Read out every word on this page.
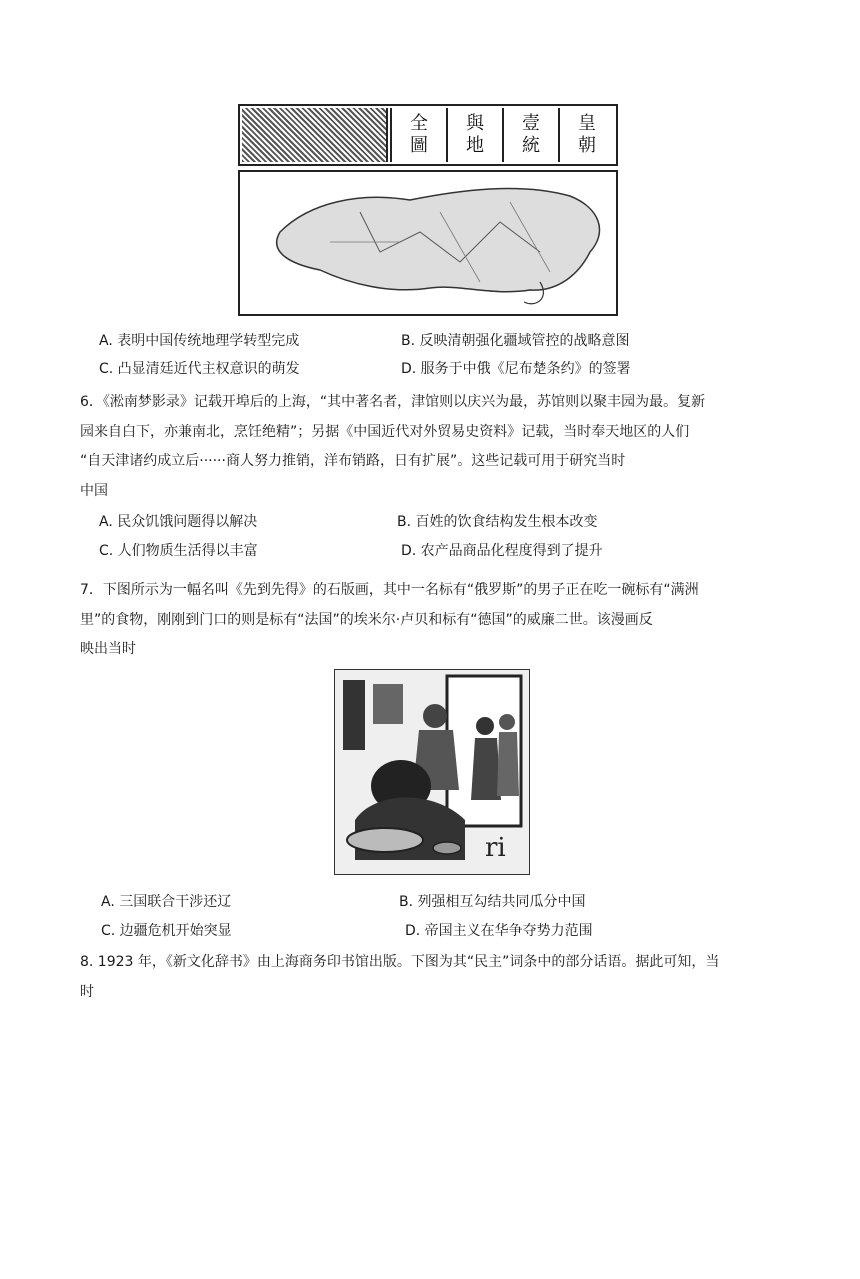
全
圖
與
地
壹
統
皇
朝
A. 表明中国传统地理学转型完成	B. 反映清朝强化疆域管控的战略意图
C. 凸显清廷近代主权意识的萌发	D. 服务于中俄《尼布楚条约》的签署
6．《淞南梦影录》记载开埠后的上海，“其中著名者，津馆则以庆兴为最，苏馆则以聚丰园为最。复新
园来自白下，亦兼南北，烹饪绝精”；另据《中国近代对外贸易史资料》记载，当时奉天地区的人们
“自天津诸约成立后······商人努力推销，洋布销路，日有扩展”。这些记载可用于研究当时
中国
A. 民众饥饿问题得以解决	B. 百姓的饮食结构发生根本改变
C. 人们物质生活得以丰富	D. 农产品商品化程度得到了提升
7．下图所示为一幅名叫《先到先得》的石版画，其中一名标有“俄罗斯”的男子正在吃一碗标有“满洲
里”的食物，刚刚到门口的则是标有“法国”的埃米尔·卢贝和标有“德国”的威廉二世。该漫画反
映出当时
ri
A. 三国联合干涉还辽	B. 列强相互勾结共同瓜分中国
C. 边疆危机开始突显	D. 帝国主义在华争夺势力范围
8. 1923 年，《新文化辞书》由上海商务印书馆出版。下图为其“民主”词条中的部分话语。据此可知，当
时
